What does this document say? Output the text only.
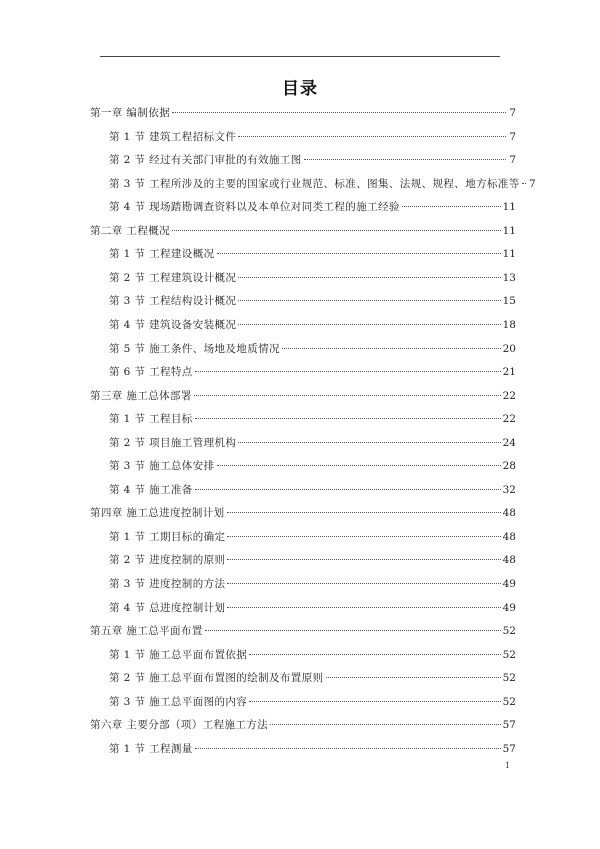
目录
第一章 编制依据	7
第 1 节 建筑工程招标文件	7
第 2 节 经过有关部门审批的有效施工图	7
第 3 节 工程所涉及的主要的国家或行业规范、标准、图集、法规、规程、地方标准等 7
第 4 节 现场踏勘调查资料以及本单位对同类工程的施工经验	11
第二章 工程概况	11
第 1 节 工程建设概况	11
第 2 节 工程建筑设计概况	13
第 3 节 工程结构设计概况	15
第 4 节 建筑设备安装概况	18
第 5 节 施工条件、场地及地质情况	20
第 6 节 工程特点	21
第三章 施工总体部署	22
第 1 节 工程目标	22
第 2 节 项目施工管理机构	24
第 3 节 施工总体安排	28
第 4 节 施工准备	32
第四章 施工总进度控制计划	48
第 1 节 工期目标的确定	48
第 2 节 进度控制的原则	48
第 3 节 进度控制的方法	49
第 4 节 总进度控制计划	49
第五章 施工总平面布置	52
第 1 节 施工总平面布置依据	52
第 2 节 施工总平面布置图的绘制及布置原则	52
第 3 节 施工总平面图的内容	52
第六章 主要分部（项）工程施工方法	57
第 1 节 工程测量	57
1
